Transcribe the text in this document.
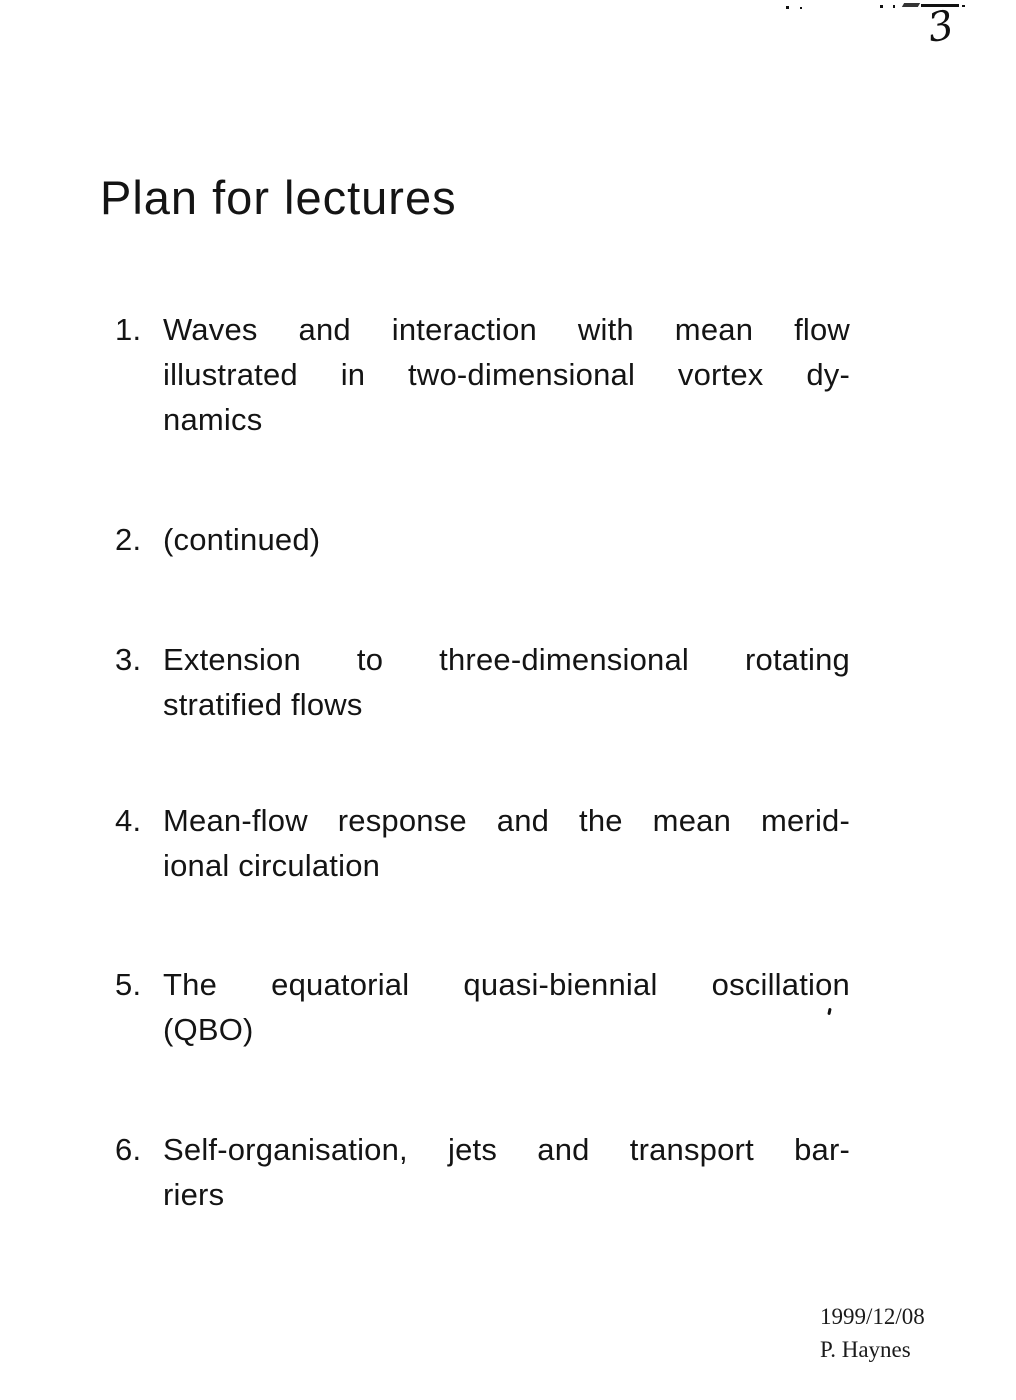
3
Plan for lectures
1. Waves and interaction with mean flow
illustrated in two-dimensional vortex dy-
namics
2. (continued)
3. Extension to three-dimensional rotating
stratified flows
4. Mean-flow response and the mean merid-
ional circulation
5. The equatorial quasi-biennial oscillation
(QBO)
6. Self-organisation, jets and transport bar-
riers
1999/12/08
P. Haynes
